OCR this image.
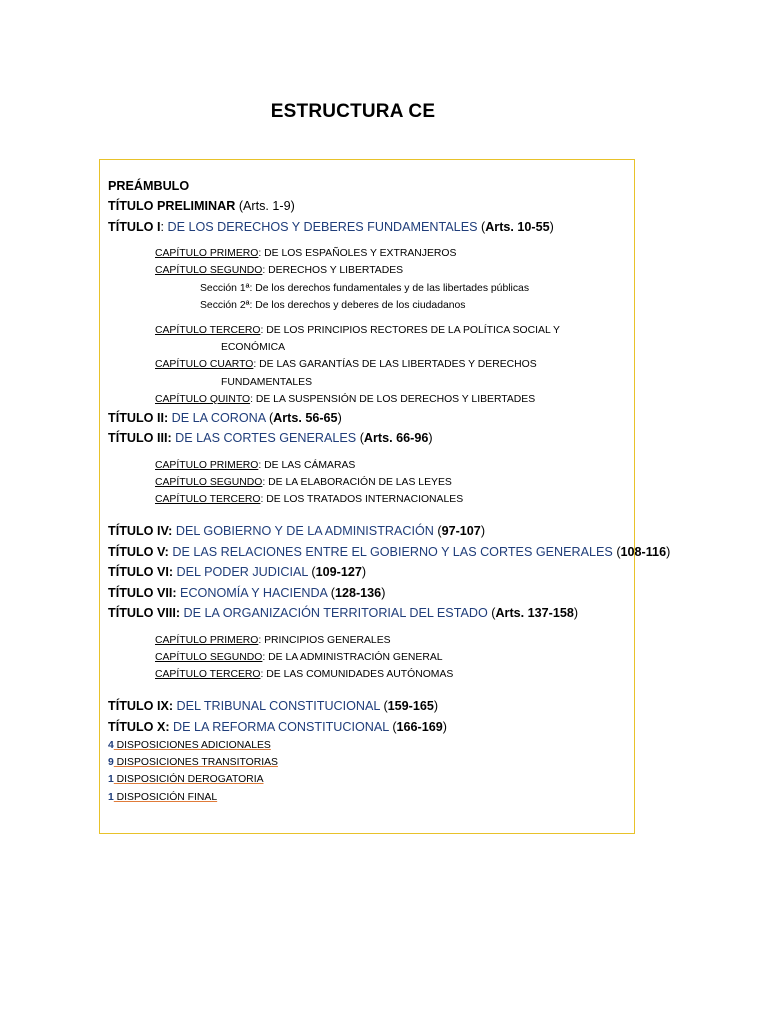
ESTRUCTURA CE
PREÁMBULO
TÍTULO PRELIMINAR (Arts. 1-9)
TÍTULO I: DE LOS DERECHOS Y DEBERES FUNDAMENTALES (Arts. 10-55)
CAPÍTULO PRIMERO: DE LOS ESPAÑOLES Y EXTRANJEROS
CAPÍTULO SEGUNDO: DERECHOS Y LIBERTADES
Sección 1ª: De los derechos fundamentales y de las libertades públicas
Sección 2ª: De los derechos y deberes de los ciudadanos
CAPÍTULO TERCERO: DE LOS PRINCIPIOS RECTORES DE LA POLÍTICA SOCIAL Y
ECONÓMICA
CAPÍTULO CUARTO: DE LAS GARANTÍAS DE LAS LIBERTADES Y DERECHOS
FUNDAMENTALES
CAPÍTULO QUINTO: DE LA SUSPENSIÓN DE LOS DERECHOS Y LIBERTADES
TÍTULO II: DE LA CORONA (Arts. 56-65)
TÍTULO III: DE LAS CORTES GENERALES (Arts. 66-96)
CAPÍTULO PRIMERO: DE LAS CÁMARAS
CAPÍTULO SEGUNDO: DE LA ELABORACIÓN DE LAS LEYES
CAPÍTULO TERCERO: DE LOS TRATADOS INTERNACIONALES
TÍTULO IV: DEL GOBIERNO Y DE LA ADMINISTRACIÓN (97-107)
TÍTULO V: DE LAS RELACIONES ENTRE EL GOBIERNO Y LAS CORTES GENERALES (108-116)
TÍTULO VI: DEL PODER JUDICIAL (109-127)
TÍTULO VII: ECONOMÍA Y HACIENDA (128-136)
TÍTULO VIII: DE LA ORGANIZACIÓN TERRITORIAL DEL ESTADO (Arts. 137-158)
CAPÍTULO PRIMERO: PRINCIPIOS GENERALES
CAPÍTULO SEGUNDO: DE LA ADMINISTRACIÓN GENERAL
CAPÍTULO TERCERO: DE LAS COMUNIDADES AUTÓNOMAS
TÍTULO IX: DEL TRIBUNAL CONSTITUCIONAL (159-165)
TÍTULO X: DE LA REFORMA CONSTITUCIONAL (166-169)
4 DISPOSICIONES ADICIONALES
9 DISPOSICIONES TRANSITORIAS
1 DISPOSICIÓN DEROGATORIA
1 DISPOSICIÓN FINAL
